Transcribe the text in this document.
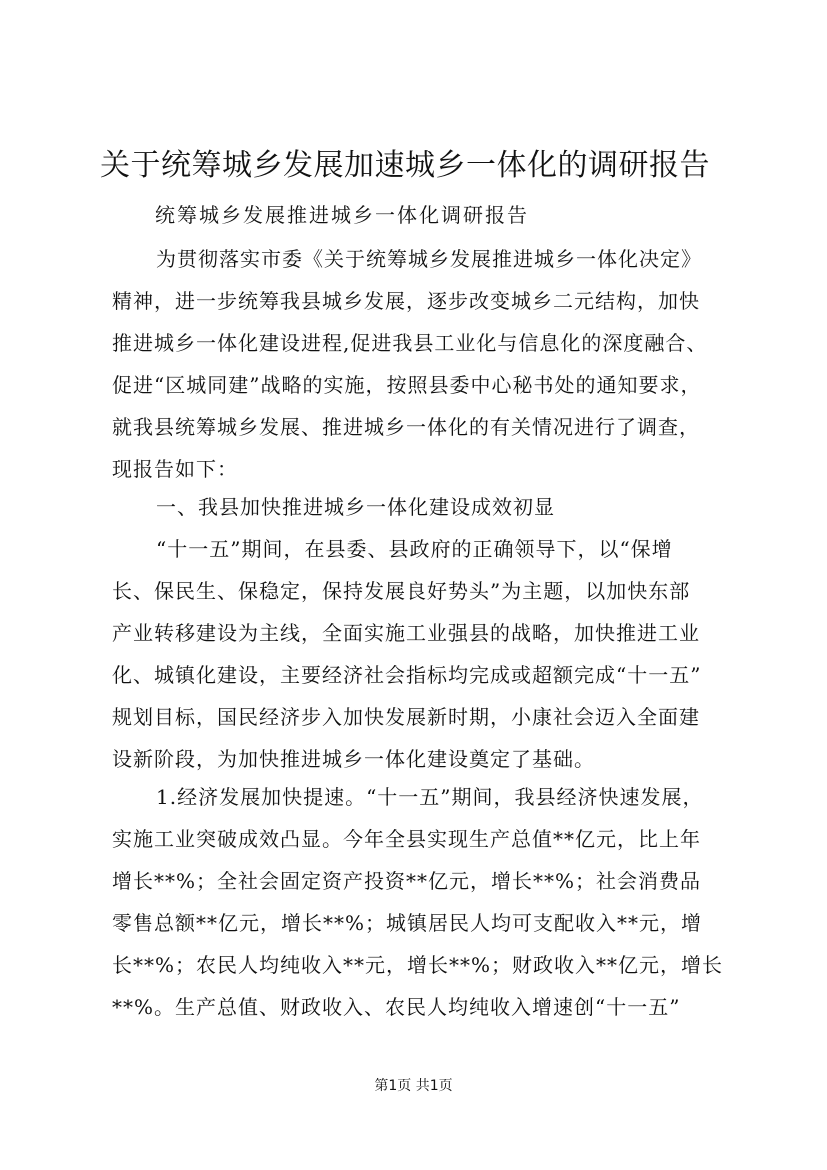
关于统筹城乡发展加速城乡一体化的调研报告
统筹城乡发展推进城乡一体化调研报告
为贯彻落实市委《关于统筹城乡发展推进城乡一体化决定》
精神，进一步统筹我县城乡发展，逐步改变城乡二元结构，加快
推进城乡一体化建设进程,促进我县工业化与信息化的深度融合、
促进“区城同建”战略的实施，按照县委中心秘书处的通知要求，
就我县统筹城乡发展、推进城乡一体化的有关情况进行了调查，
现报告如下：
一、我县加快推进城乡一体化建设成效初显
“十一五”期间，在县委、县政府的正确领导下，以“保增
长、保民生、保稳定，保持发展良好势头”为主题，以加快东部
产业转移建设为主线，全面实施工业强县的战略，加快推进工业
化、城镇化建设，主要经济社会指标均完成或超额完成“十一五”
规划目标，国民经济步入加快发展新时期，小康社会迈入全面建
设新阶段，为加快推进城乡一体化建设奠定了基础。
1.经济发展加快提速。“十一五”期间，我县经济快速发展，
实施工业突破成效凸显。今年全县实现生产总值**亿元，比上年
增长**%；全社会固定资产投资**亿元，增长**%；社会消费品
零售总额**亿元，增长**%；城镇居民人均可支配收入**元，增
长**%；农民人均纯收入**元，增长**%；财政收入**亿元，增长
**%。生产总值、财政收入、农民人均纯收入增速创“十一五”
第1页 共1页
